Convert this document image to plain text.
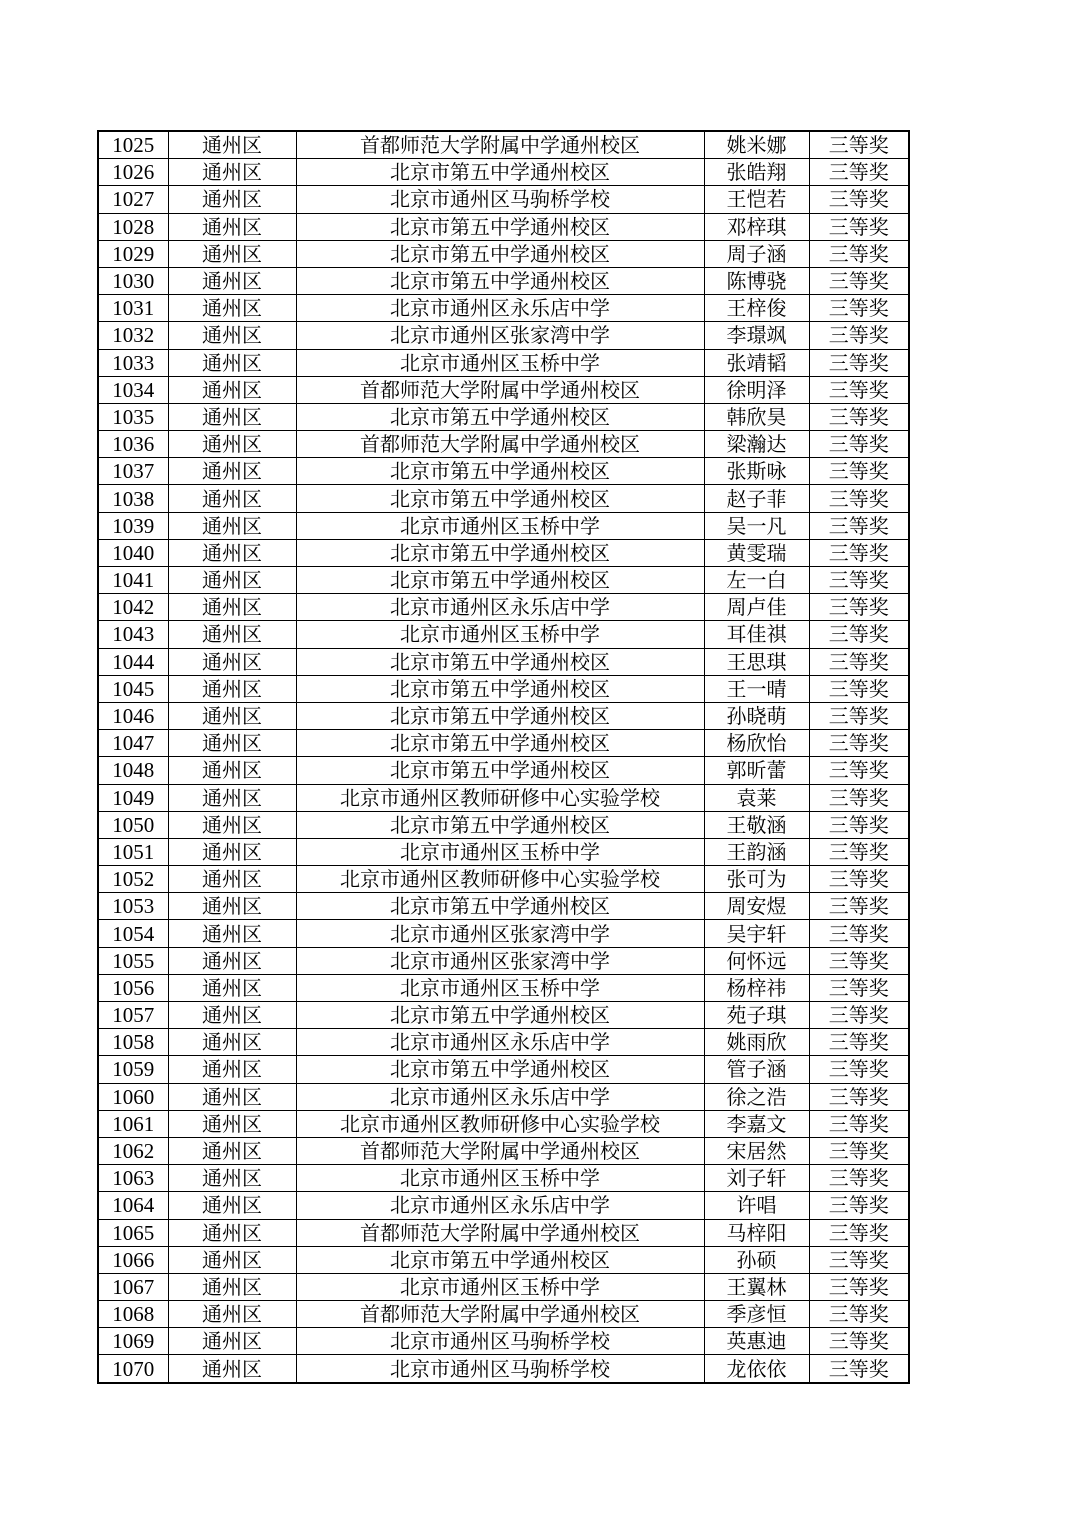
1025	通州区	首都师范大学附属中学通州校区	姚米娜	三等奖
1026	通州区	北京市第五中学通州校区	张皓翔	三等奖
1027	通州区	北京市通州区马驹桥学校	王恺若	三等奖
1028	通州区	北京市第五中学通州校区	邓梓琪	三等奖
1029	通州区	北京市第五中学通州校区	周子涵	三等奖
1030	通州区	北京市第五中学通州校区	陈博骁	三等奖
1031	通州区	北京市通州区永乐店中学	王梓俊	三等奖
1032	通州区	北京市通州区张家湾中学	李璟飒	三等奖
1033	通州区	北京市通州区玉桥中学	张靖韬	三等奖
1034	通州区	首都师范大学附属中学通州校区	徐明泽	三等奖
1035	通州区	北京市第五中学通州校区	韩欣昊	三等奖
1036	通州区	首都师范大学附属中学通州校区	梁瀚达	三等奖
1037	通州区	北京市第五中学通州校区	张斯咏	三等奖
1038	通州区	北京市第五中学通州校区	赵子菲	三等奖
1039	通州区	北京市通州区玉桥中学	吴一凡	三等奖
1040	通州区	北京市第五中学通州校区	黄雯瑞	三等奖
1041	通州区	北京市第五中学通州校区	左一白	三等奖
1042	通州区	北京市通州区永乐店中学	周卢佳	三等奖
1043	通州区	北京市通州区玉桥中学	耳佳祺	三等奖
1044	通州区	北京市第五中学通州校区	王思琪	三等奖
1045	通州区	北京市第五中学通州校区	王一晴	三等奖
1046	通州区	北京市第五中学通州校区	孙晓萌	三等奖
1047	通州区	北京市第五中学通州校区	杨欣怡	三等奖
1048	通州区	北京市第五中学通州校区	郭昕蕾	三等奖
1049	通州区	北京市通州区教师研修中心实验学校	袁莱	三等奖
1050	通州区	北京市第五中学通州校区	王敬涵	三等奖
1051	通州区	北京市通州区玉桥中学	王韵涵	三等奖
1052	通州区	北京市通州区教师研修中心实验学校	张可为	三等奖
1053	通州区	北京市第五中学通州校区	周安煜	三等奖
1054	通州区	北京市通州区张家湾中学	吴宇轩	三等奖
1055	通州区	北京市通州区张家湾中学	何怀远	三等奖
1056	通州区	北京市通州区玉桥中学	杨梓祎	三等奖
1057	通州区	北京市第五中学通州校区	苑子琪	三等奖
1058	通州区	北京市通州区永乐店中学	姚雨欣	三等奖
1059	通州区	北京市第五中学通州校区	管子涵	三等奖
1060	通州区	北京市通州区永乐店中学	徐之浩	三等奖
1061	通州区	北京市通州区教师研修中心实验学校	李嘉文	三等奖
1062	通州区	首都师范大学附属中学通州校区	宋居然	三等奖
1063	通州区	北京市通州区玉桥中学	刘子轩	三等奖
1064	通州区	北京市通州区永乐店中学	许唱	三等奖
1065	通州区	首都师范大学附属中学通州校区	马梓阳	三等奖
1066	通州区	北京市第五中学通州校区	孙硕	三等奖
1067	通州区	北京市通州区玉桥中学	王翼林	三等奖
1068	通州区	首都师范大学附属中学通州校区	季彦恒	三等奖
1069	通州区	北京市通州区马驹桥学校	英惠迪	三等奖
1070	通州区	北京市通州区马驹桥学校	龙依依	三等奖
